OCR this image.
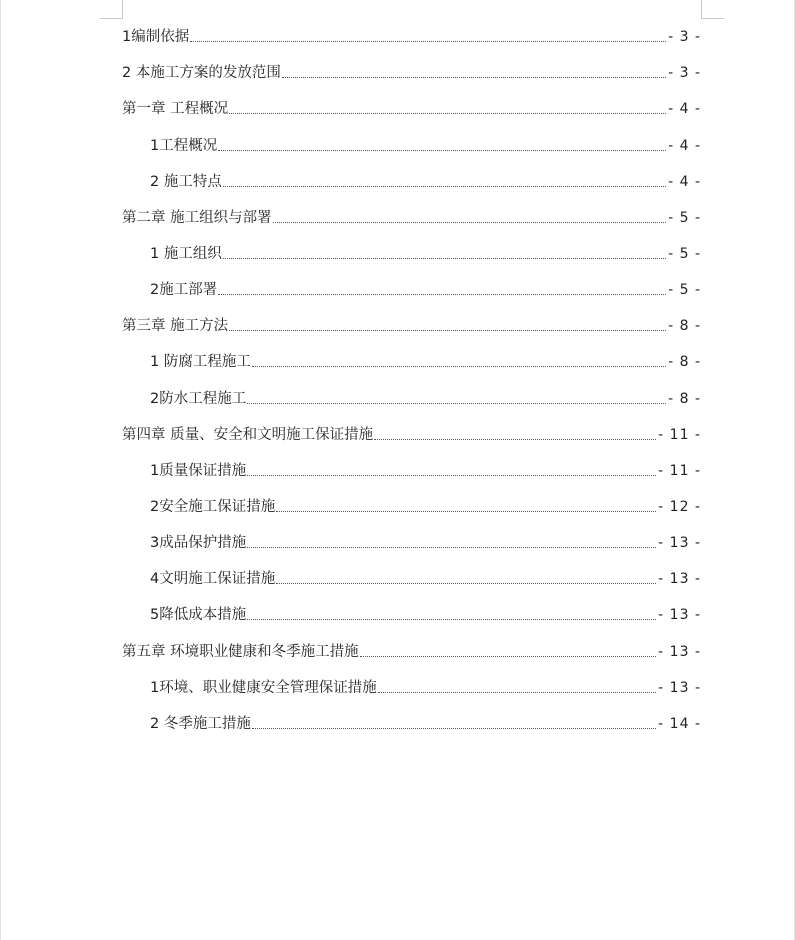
1编制依据	- 3 -
2 本施工方案的发放范围	- 3 -
第一章 工程概况	- 4 -
1工程概况	- 4 -
2 施工特点	- 4 -
第二章 施工组织与部署	- 5 -
1 施工组织	- 5 -
2施工部署	- 5 -
第三章 施工方法	- 8 -
1 防腐工程施工	- 8 -
2防水工程施工	- 8 -
第四章 质量、安全和文明施工保证措施	- 11 -
1质量保证措施	- 11 -
2安全施工保证措施	- 12 -
3成品保护措施	- 13 -
4文明施工保证措施	- 13 -
5降低成本措施	- 13 -
第五章 环境职业健康和冬季施工措施	- 13 -
1环境、职业健康安全管理保证措施	- 13 -
2 冬季施工措施	- 14 -
